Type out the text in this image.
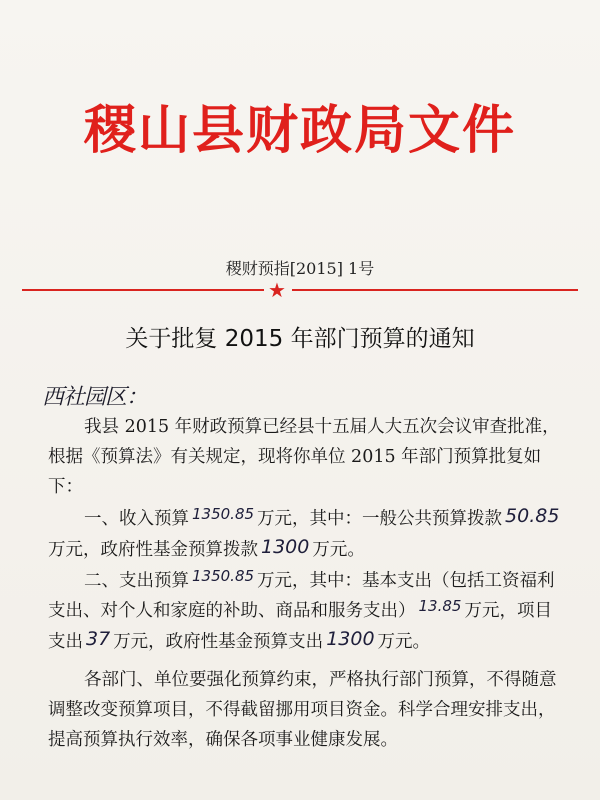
稷山县财政局文件
稷财预指[2015] 1号
★
关于批复 2015 年部门预算的通知
西社园区：
我县 2015 年财政预算已经县十五届人大五次会议审查批准，根据《预算法》有关规定，现将你单位 2015 年部门预算批复如下：
一、收入预算 1350.85 万元，其中：一般公共预算拨款 50.85万元，政府性基金预算拨款 1300 万元。
二、支出预算 1350.85 万元，其中：基本支出（包括工资福利支出、对个人和家庭的补助、商品和服务支出） 13.85 万元，项目支出 37 万元，政府性基金预算支出 1300 万元。
各部门、单位要强化预算约束，严格执行部门预算，不得随意调整改变预算项目，不得截留挪用项目资金。科学合理安排支出，提高预算执行效率，确保各项事业健康发展。
